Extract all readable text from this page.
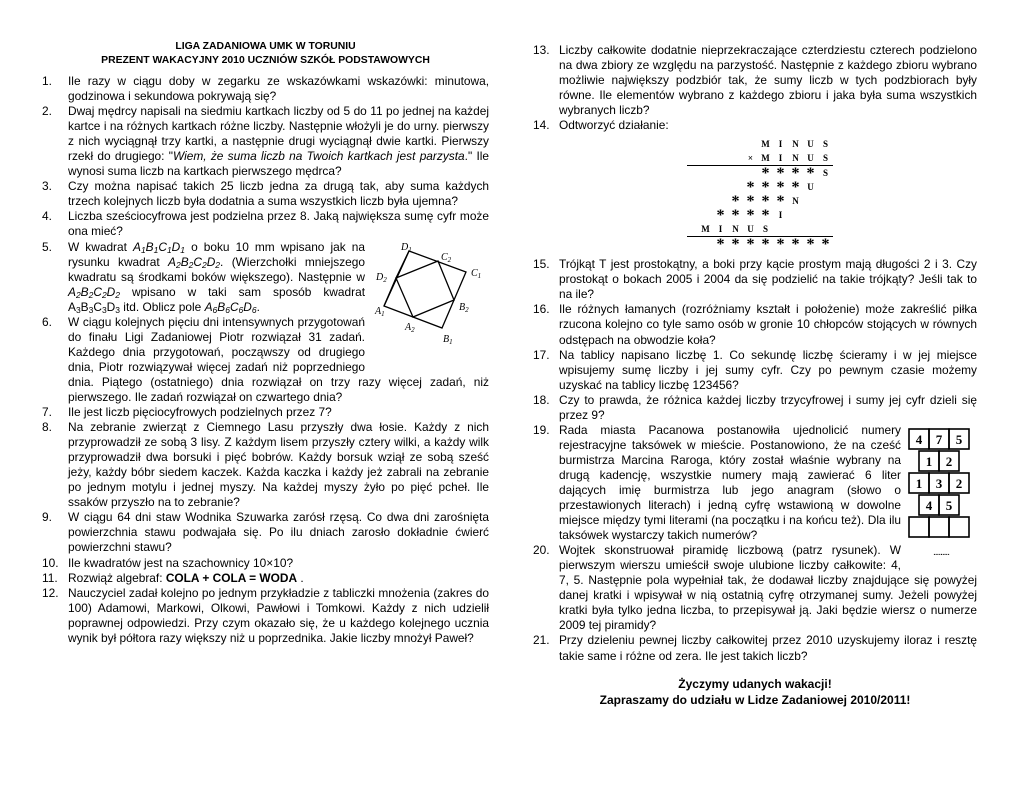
LIGA ZADANIOWA UMK W TORUNIU
PREZENT WAKACYJNY 2010 UCZNIÓW SZKÓŁ PODSTAWOWYCH
1.	Ile razy w ciągu doby w zegarku ze wskazówkami wskazówki: minutowa, godzinowa i sekundowa pokrywają się?
2.	Dwaj mędrcy napisali na siedmiu kartkach liczby od 5 do 11 po jednej na każdej kartce i na różnych kartkach różne liczby. Następnie włożyli je do urny. pierwszy z nich wyciągnął trzy kartki, a następnie drugi wyciągnął dwie kartki. Pierwszy rzekł do drugiego: "Wiem, że suma liczb na Twoich kartkach jest parzysta." Ile wynosi suma liczb na kartkach pierwszego mędrca?
3.	Czy można napisać takich 25 liczb jedna za drugą tak, aby suma każdych trzech kolejnych liczb była dodatnia a suma wszystkich liczb była ujemna?
4.	Liczba sześciocyfrowa jest podzielna przez 8. Jaką największa sumę cyfr może ona mieć?
5.
$A_1$
$A_2$
$B_1$
$B_2$
$C_1$
$C_2$
$D_1$
$D_2$
W kwadrat $A_1B_1C_1D_1$ o boku 10 mm wpisano jak na rysunku kwadrat $A_2B_2C_2D_2$. (Wierzchołki mniejszego kwadratu są środkami boków większego). Następnie w $A_2B_2C_2D_2$ wpisano w taki sam sposób kwadrat $A_3B_3C_3D_3$ itd. Oblicz pole $A_6B_6C_6D_6$.
6.	W ciągu kolejnych pięciu dni intensywnych przygotowań do finału Ligi Zadaniowej Piotr rozwiązał 31 zadań. Każdego dnia przygotowań, począwszy od drugiego dnia, Piotr rozwiązywał więcej zadań niż poprzedniego dnia. Piątego (ostatniego) dnia rozwiązał on trzy razy więcej zadań, niż pierwszego. Ile zadań rozwiązał on czwartego dnia?
7.	Ile jest liczb pięciocyfrowych podzielnych przez 7?
8.	Na zebranie zwierząt z Ciemnego Lasu przyszły dwa łosie. Każdy z nich przyprowadził ze sobą 3 lisy. Z każdym lisem przyszły cztery wilki, a każdy wilk przyprowadził dwa borsuki i pięć bobrów. Każdy borsuk wziął ze sobą sześć jeży, każdy bóbr siedem kaczek. Każda kaczka i każdy jeż zabrali na zebranie po jednym motylu i jednej myszy. Na każdej myszy żyło po pięć pcheł. Ile ssaków przyszło na to zebranie?
9.	W ciągu 64 dni staw Wodnika Szuwarka zarósł rzęsą. Co dwa dni zarośnięta powierzchnia stawu podwajała się. Po ilu dniach zarosło dokładnie ćwierć powierzchni stawu?
10. Ile kwadratów jest na szachownicy 10×10?
11. Rozwiąż algebraf: COLA + COLA = WODA .
12. Nauczyciel zadał kolejno po jednym przykładzie z tabliczki mnożenia (zakres do 100) Adamowi, Markowi, Olkowi, Pawłowi i Tomkowi. Każdy z nich udzielił poprawnej odpowiedzi. Przy czym okazało się, że u każdego kolejnego ucznia wynik był półtora razy większy niż u poprzednika. Jakie liczby mnożył Paweł?
13. Liczby całkowite dodatnie nieprzekraczające czterdziestu czterech podzielono na dwa zbiory ze względu na parzystość. Następnie z każdego zbioru wybrano możliwie największy podzbiór tak, że sumy liczb w tych podzbiorach były równe. Ile elementów wybrano z każdego zbioru i jaka była suma wszystkich wybranych liczb?
14. Odtworzyć działanie:
M I	N U	S
× M I	N U	S
* * * * S
* * * * U
* * * * N
* * * *	I
M I	N U	S
* * * * * * * *
15. Trójkąt T jest prostokątny, a boki przy kącie prostym mają długości 2 i 3. Czy prostokąt o bokach 2005 i 2004 da się podzielić na takie trójkąty? Jeśli tak to na ile?
16. Ile różnych łamanych (rozróżniamy kształt i położenie) może zakreślić piłka rzucona kolejno co tyle samo osób w gronie 10 chłopców stojących w równych odstępach na obwodzie koła?
17. Na tablicy napisano liczbę 1. Co sekundę liczbę ścieramy i w jej miejsce wpisujemy sumę liczby i jej sumy cyfr. Czy po pewnym czasie możemy uzyskać na tablicy liczbę 123456?
18. Czy to prawda, że różnica każdej liczby trzycyfrowej i sumy jej cyfr dzieli się przez 9?
19.
4 7 5
1 2
1 3 2
4 5
.........
Rada miasta Pacanowa postanowiła ujednolicić numery rejestracyjne taksówek w mieście. Postanowiono, że na cześć burmistrza Marcina Raroga, który został właśnie wybrany na drugą kadencję, wszystkie numery mają zawierać 6 liter dających imię burmistrza lub jego anagram (słowo o przestawionych literach) i jedną cyfrę wstawioną w dowolne miejsce między tymi literami (na początku i na końcu też). Dla ilu taksówek wystarczy takich numerów?
20. Wojtek skonstruował piramidę liczbową (patrz rysunek). W pierwszym wierszu umieścił swoje ulubione liczby całkowite: 4, 7, 5. Następnie pola wypełniał tak, że dodawał liczby znajdujące się powyżej danej kratki i wpisywał w nią ostatnią cyfrę otrzymanej sumy. Jeżeli powyżej kratki była tylko jedna liczba, to przepisywał ją. Jaki będzie wiersz o numerze 2009 tej piramidy?
21. Przy dzieleniu pewnej liczby całkowitej przez 2010 uzyskujemy iloraz i resztę takie same i różne od zera. Ile jest takich liczb?
Życzymy udanych wakacji!
Zapraszamy do udziału w Lidze Zadaniowej 2010/2011!
